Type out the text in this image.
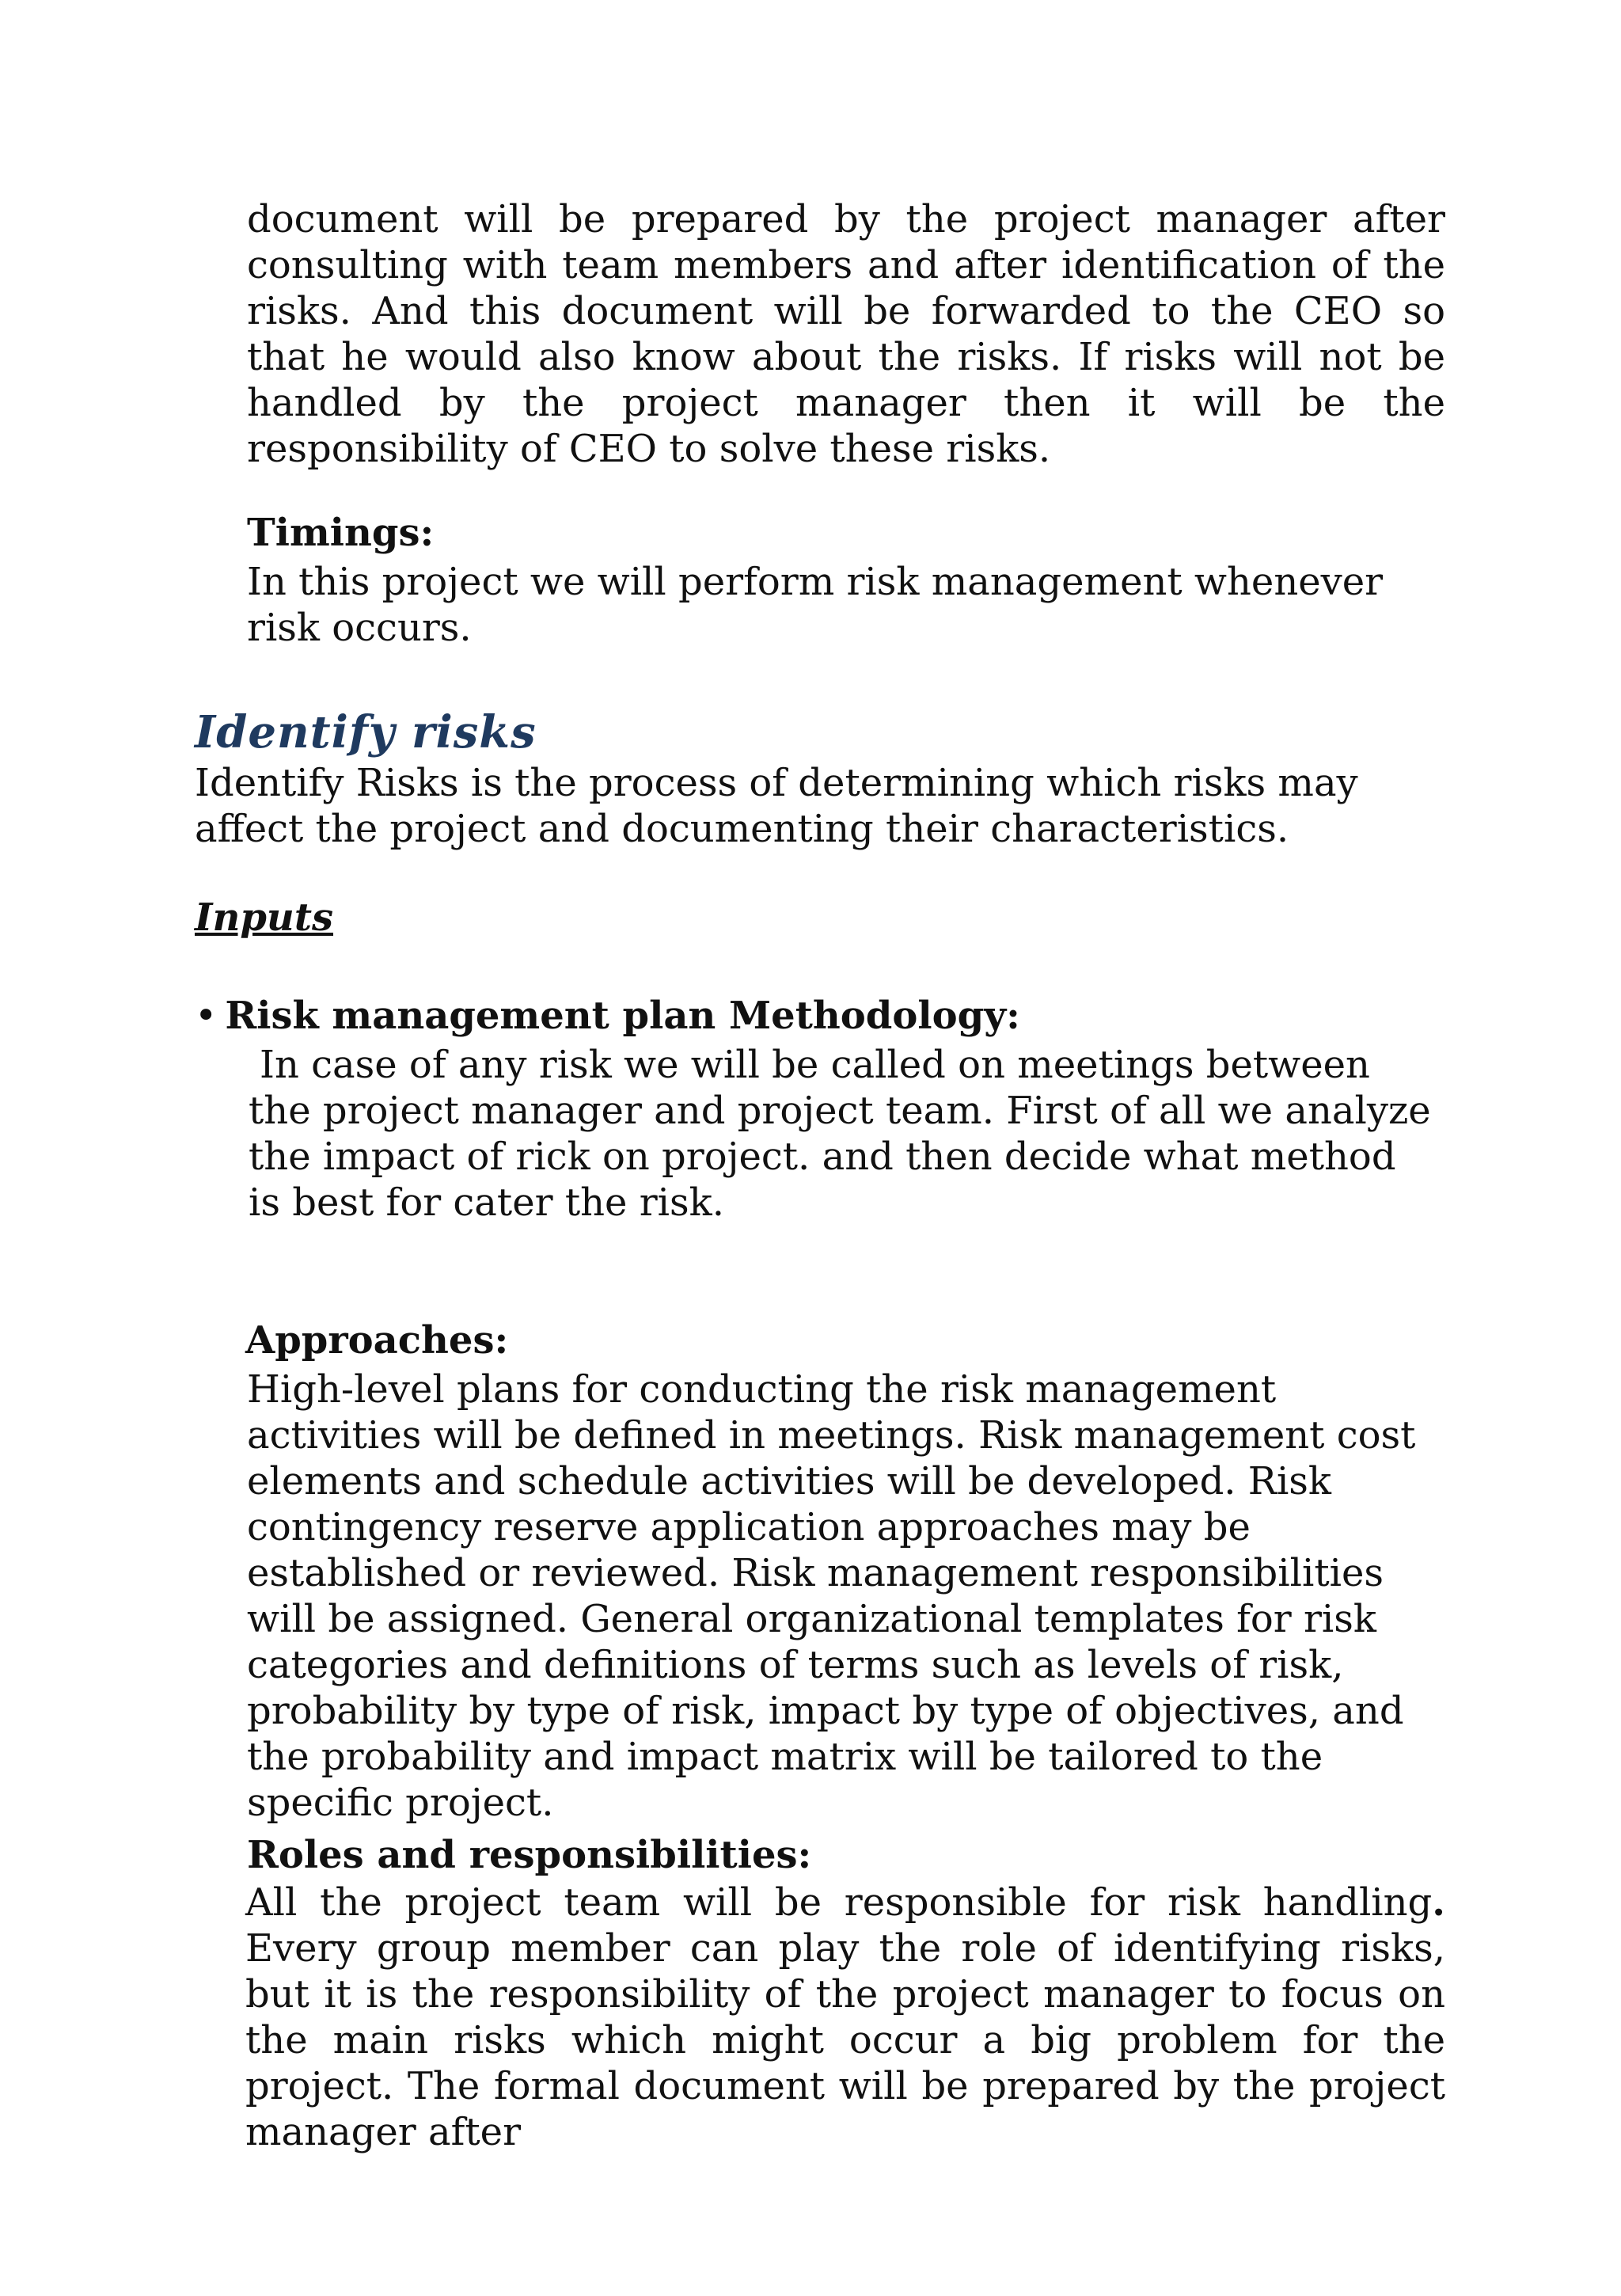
document will be prepared by the project manager after consulting with team members and after identification of the risks. And this document will be forwarded to the CEO so that he would also know about the risks. If risks will not be handled by the project manager then it will be the responsibility of CEO to solve these risks.

Timings:

In this project we will perform risk management whenever risk occurs.

Identify risks

Identify Risks is the process of determining which risks may affect the project and documenting their characteristics.

Inputs

• Risk management plan Methodology:

In case of any risk we will be called on meetings between the project manager and project team. First of all we analyze the impact of rick on project. and then decide what method is best for cater the risk.

Approaches:

High-level plans for conducting the risk management activities will be defined in meetings. Risk management cost elements and schedule activities will be developed. Risk contingency reserve application approaches may be established or reviewed. Risk management responsibilities will be assigned. General organizational templates for risk categories and definitions of terms such as levels of risk, probability by type of risk, impact by type of objectives, and the probability and impact matrix will be tailored to the specific project.

Roles and responsibilities:

All the project team will be responsible for risk handling. Every group member can play the role of identifying risks, but it is the responsibility of the project manager to focus on the main risks which might occur a big problem for the project. The formal document will be prepared by the project manager after
